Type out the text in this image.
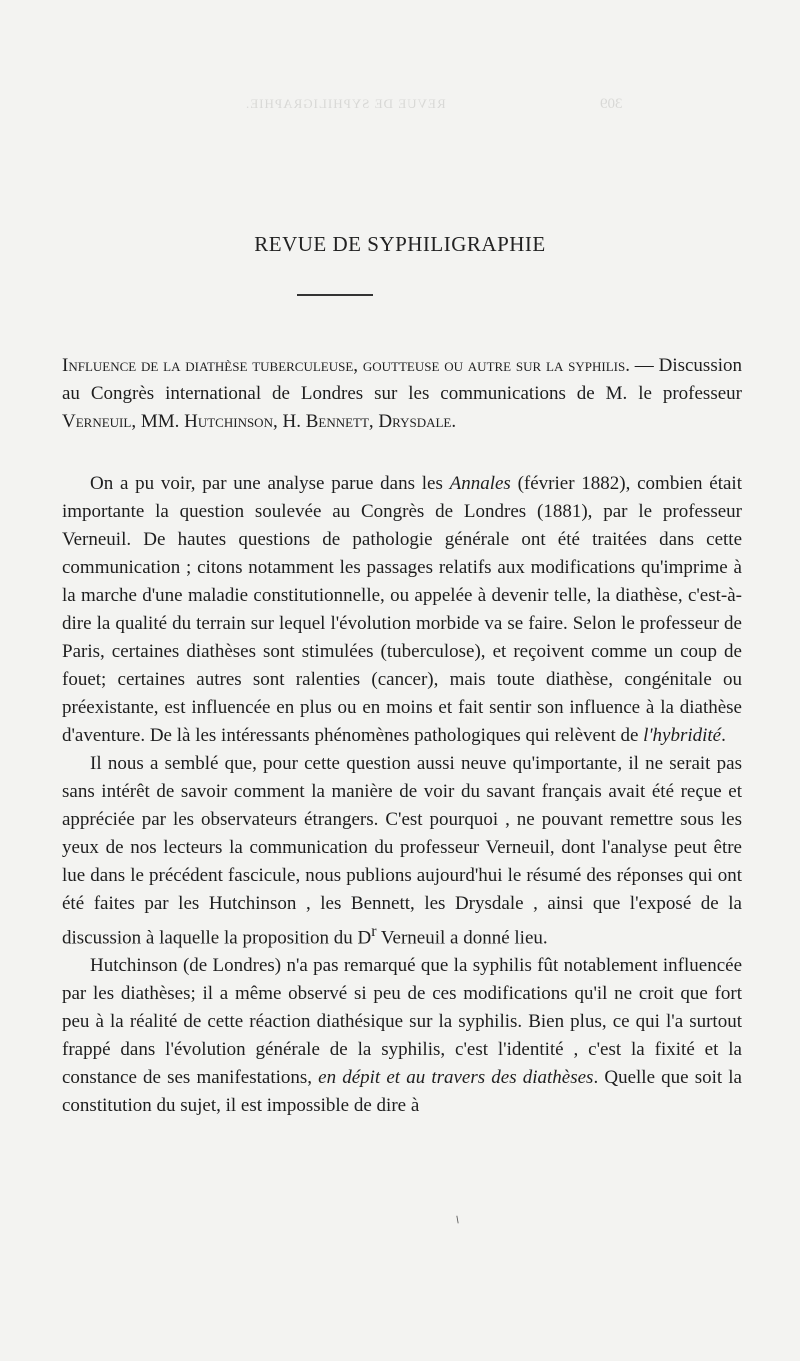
309
REVUE DE SYPHILIGRAPHIE.
REVUE DE SYPHILIGRAPHIE
Influence de la diathèse tuberculeuse, goutteuse ou autre sur la syphilis. — Discussion au Congrès international de Londres sur les communications de M. le professeur Verneuil, MM. Hutchinson, H. Bennett, Drysdale.

On a pu voir, par une analyse parue dans les Annales (février 1882), combien était importante la question soulevée au Congrès de Londres (1881), par le professeur Verneuil. De hautes questions de pathologie générale ont été traitées dans cette communication ; citons notamment les passages relatifs aux modifications qu'imprime à la marche d'une maladie constitutionnelle, ou appelée à devenir telle, la diathèse, c'est-à-dire la qualité du terrain sur lequel l'évolution morbide va se faire. Selon le professeur de Paris, certaines diathèses sont stimulées (tuberculose), et reçoivent comme un coup de fouet; certaines autres sont ralenties (cancer), mais toute diathèse, congénitale ou préexistante, est influencée en plus ou en moins et fait sentir son influence à la diathèse d'aventure. De là les intéressants phénomènes pathologiques qui relèvent de l'hybridité.

Il nous a semblé que, pour cette question aussi neuve qu'importante, il ne serait pas sans intérêt de savoir comment la manière de voir du savant français avait été reçue et appréciée par les observateurs étrangers. C'est pourquoi , ne pouvant remettre sous les yeux de nos lecteurs la communication du professeur Verneuil, dont l'analyse peut être lue dans le précédent fascicule, nous publions aujourd'hui le résumé des réponses qui ont été faites par les Hutchinson , les Bennett, les Drysdale , ainsi que l'exposé de la discussion à laquelle la proposition du $D^r$ Verneuil a donné lieu.

Hutchinson (de Londres) n'a pas remarqué que la syphilis fût notablement influencée par les diathèses; il a même observé si peu de ces modifications qu'il ne croit que fort peu à la réalité de cette réaction diathésique sur la syphilis. Bien plus, ce qui l'a surtout frappé dans l'évolution générale de la syphilis, c'est l'identité , c'est la fixité et la constance de ses manifestations, en dépit et au travers des diathèses. Quelle que soit la constitution du sujet, il est impossible de dire à

⸜
